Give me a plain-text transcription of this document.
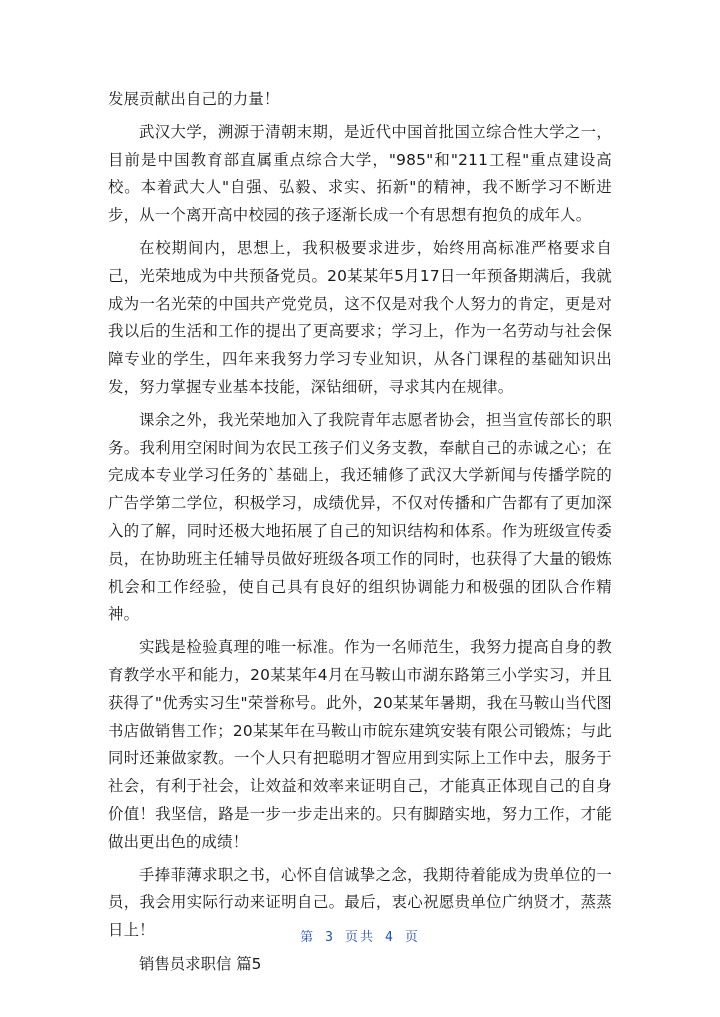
发展贡献出自己的力量！

武汉大学，溯源于清朝末期，是近代中国首批国立综合性大学之一，目前是中国教育部直属重点综合大学，"985"和"211工程"重点建设高校。本着武大人"自强、弘毅、求实、拓新"的精神，我不断学习不断进步，从一个离开高中校园的孩子逐渐长成一个有思想有抱负的成年人。

在校期间内，思想上，我积极要求进步，始终用高标准严格要求自己，光荣地成为中共预备党员。20某某年5月17日一年预备期满后，我就成为一名光荣的中国共产党党员，这不仅是对我个人努力的肯定，更是对我以后的生活和工作的提出了更高要求；学习上，作为一名劳动与社会保障专业的学生，四年来我努力学习专业知识，从各门课程的基础知识出发，努力掌握专业基本技能，深钻细研，寻求其内在规律。

课余之外，我光荣地加入了我院青年志愿者协会，担当宣传部长的职务。我利用空闲时间为农民工孩子们义务支教，奉献自己的赤诚之心；在完成本专业学习任务的`基础上，我还辅修了武汉大学新闻与传播学院的广告学第二学位，积极学习，成绩优异，不仅对传播和广告都有了更加深入的了解，同时还极大地拓展了自己的知识结构和体系。作为班级宣传委员，在协助班主任辅导员做好班级各项工作的同时，也获得了大量的锻炼机会和工作经验，使自己具有良好的组织协调能力和极强的团队合作精神。

实践是检验真理的唯一标准。作为一名师范生，我努力提高自身的教育教学水平和能力，20某某年4月在马鞍山市湖东路第三小学实习，并且获得了"优秀实习生"荣誉称号。此外，20某某年暑期，我在马鞍山当代图书店做销售工作；20某某年在马鞍山市皖东建筑安装有限公司锻炼；与此同时还兼做家教。一个人只有把聪明才智应用到实际上工作中去，服务于社会，有利于社会，让效益和效率来证明自己，才能真正体现自己的自身价值！我坚信，路是一步一步走出来的。只有脚踏实地，努力工作，才能做出更出色的成绩！

手捧菲薄求职之书，心怀自信诚挚之念，我期待着能成为贵单位的一员，我会用实际行动来证明自己。最后，衷心祝愿贵单位广纳贤才，蒸蒸日上！

销售员求职信 篇5

第 3 页共 4 页
